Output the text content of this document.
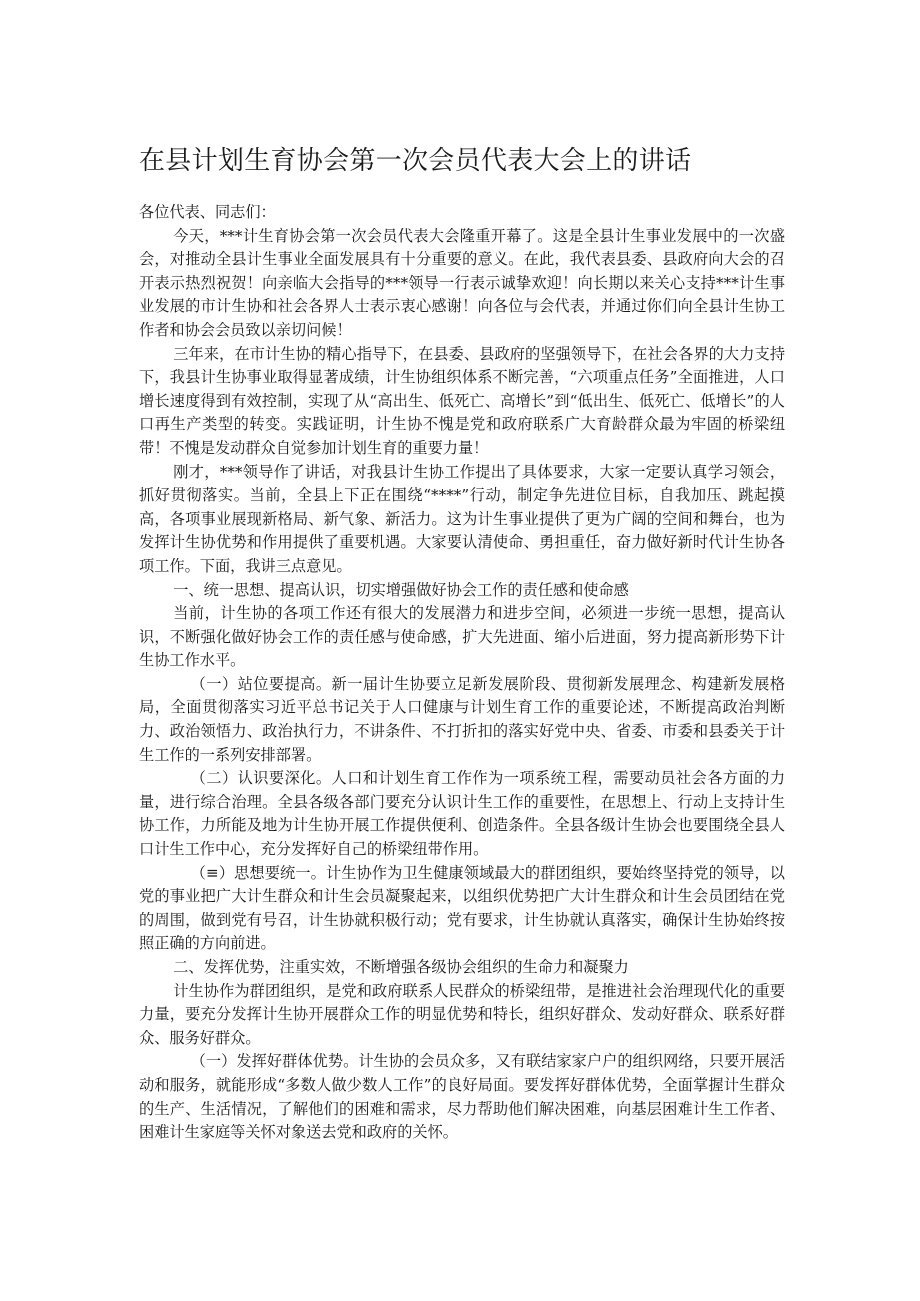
在县计划生育协会第一次会员代表大会上的讲话

各位代表、同志们：

今天，***计生育协会第一次会员代表大会隆重开幕了。这是全县计生事业发展中的一次盛会，对推动全县计生事业全面发展具有十分重要的意义。在此，我代表县委、县政府向大会的召开表示热烈祝贺！向亲临大会指导的***领导一行表示诚挚欢迎！向长期以来关心支持***计生事业发展的市计生协和社会各界人士表示衷心感谢！向各位与会代表，并通过你们向全县计生协工作者和协会会员致以亲切问候！

三年来，在市计生协的精心指导下，在县委、县政府的坚强领导下，在社会各界的大力支持下，我县计生协事业取得显著成绩，计生协组织体系不断完善，“六项重点任务”全面推进，人口增长速度得到有效控制，实现了从“高出生、低死亡、高增长”到“低出生、低死亡、低增长”的人口再生产类型的转变。实践证明，计生协不愧是党和政府联系广大育龄群众最为牢固的桥梁纽带！不愧是发动群众自觉参加计划生育的重要力量！

刚才，***领导作了讲话，对我县计生协工作提出了具体要求，大家一定要认真学习领会，抓好贯彻落实。当前，全县上下正在围绕“****”行动，制定争先进位目标，自我加压、跳起摸高，各项事业展现新格局、新气象、新活力。这为计生事业提供了更为广阔的空间和舞台，也为发挥计生协优势和作用提供了重要机遇。大家要认清使命、勇担重任，奋力做好新时代计生协各项工作。下面，我讲三点意见。

一、统一思想、提高认识，切实增强做好协会工作的责任感和使命感

当前，计生协的各项工作还有很大的发展潜力和进步空间，必须进一步统一思想，提高认识，不断强化做好协会工作的责任感与使命感，扩大先进面、缩小后进面，努力提高新形势下计生协工作水平。

（一）站位要提高。新一届计生协要立足新发展阶段、贯彻新发展理念、构建新发展格局，全面贯彻落实习近平总书记关于人口健康与计划生育工作的重要论述，不断提高政治判断力、政治领悟力、政治执行力，不讲条件、不打折扣的落实好党中央、省委、市委和县委关于计生工作的一系列安排部署。

（二）认识要深化。人口和计划生育工作作为一项系统工程，需要动员社会各方面的力量，进行综合治理。全县各级各部门要充分认识计生工作的重要性，在思想上、行动上支持计生协工作，力所能及地为计生协开展工作提供便利、创造条件。全县各级计生协会也要围绕全县人口计生工作中心，充分发挥好自己的桥梁纽带作用。

（≡）思想要统一。计生协作为卫生健康领域最大的群团组织，要始终坚持党的领导，以党的事业把广大计生群众和计生会员凝聚起来，以组织优势把广大计生群众和计生会员团结在党的周围，做到党有号召，计生协就积极行动；党有要求，计生协就认真落实，确保计生协始终按照正确的方向前进。

二、发挥优势，注重实效，不断增强各级协会组织的生命力和凝聚力

计生协作为群团组织，是党和政府联系人民群众的桥梁纽带，是推进社会治理现代化的重要力量，要充分发挥计生协开展群众工作的明显优势和特长，组织好群众、发动好群众、联系好群众、服务好群众。

（一）发挥好群体优势。计生协的会员众多，又有联结家家户户的组织网络，只要开展活动和服务，就能形成“多数人做少数人工作”的良好局面。要发挥好群体优势，全面掌握计生群众的生产、生活情况，了解他们的困难和需求，尽力帮助他们解决困难，向基层困难计生工作者、困难计生家庭等关怀对象送去党和政府的关怀。
